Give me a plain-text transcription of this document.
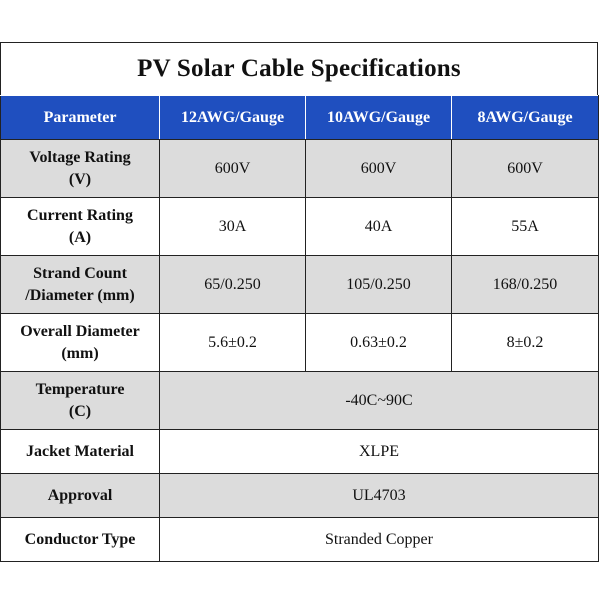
PV Solar Cable Specifications
Parameter	12AWG/Gauge	10AWG/Gauge	8AWG/Gauge
Voltage Rating
(V)	600V	600V	600V
Current Rating
(A)	30A	40A	55A
Strand Count
/Diameter (mm)	65/0.250	105/0.250	168/0.250
Overall Diameter
(mm)	5.6±0.2	0.63±0.2	8±0.2
Temperature
(C)	-40C~90C		
Jacket Material	XLPE		
Approval	UL4703		
Conductor Type	Stranded Copper		
